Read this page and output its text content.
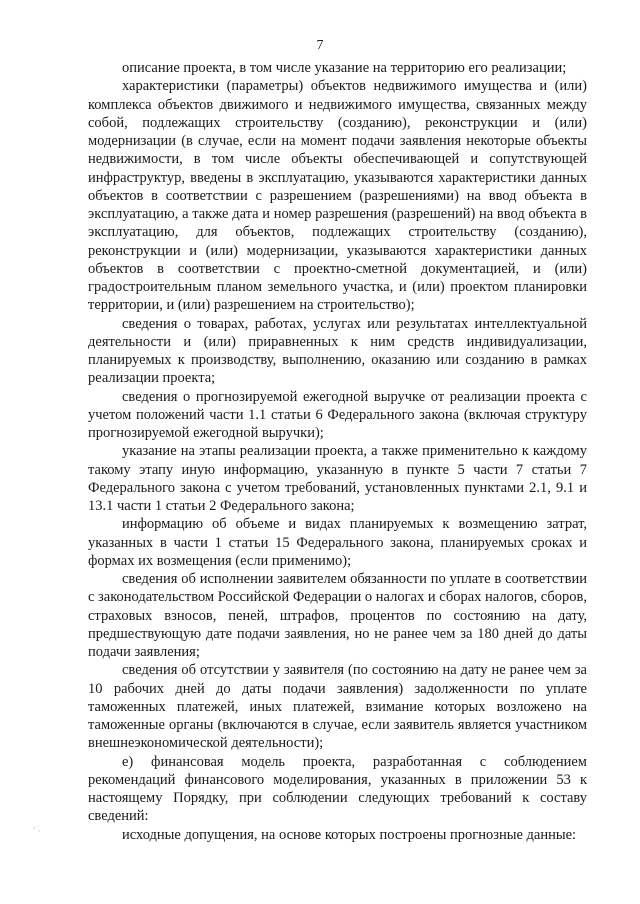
7

описание проекта, в том числе указание на территорию его реализации;

характеристики (параметры) объектов недвижимого имущества и (или) комплекса объектов движимого и недвижимого имущества, связанных между собой, подлежащих строительству (созданию), реконструкции и (или) модернизации (в случае, если на момент подачи заявления некоторые объекты недвижимости, в том числе объекты обеспечивающей и сопутствующей инфраструктур, введены в эксплуатацию, указываются характеристики данных объектов в соответствии с разрешением (разрешениями) на ввод объекта в эксплуатацию, а также дата и номер разрешения (разрешений) на ввод объекта в эксплуатацию, для объектов, подлежащих строительству (созданию), реконструкции и (или) модернизации, указываются характеристики данных объектов в соответствии с проектно-сметной документацией, и (или) градостроительным планом земельного участка, и (или) проектом планировки территории, и (или) разрешением на строительство);

сведения о товарах, работах, услугах или результатах интеллектуальной деятельности и (или) приравненных к ним средств индивидуализации, планируемых к производству, выполнению, оказанию или созданию в рамках реализации проекта;

сведения о прогнозируемой ежегодной выручке от реализации проекта с учетом положений части 1.1 статьи 6 Федерального закона (включая структуру прогнозируемой ежегодной выручки);

указание на этапы реализации проекта, а также применительно к каждому такому этапу иную информацию, указанную в пункте 5 части 7 статьи 7 Федерального закона с учетом требований, установленных пунктами 2.1, 9.1 и 13.1 части 1 статьи 2 Федерального закона;

информацию об объеме и видах планируемых к возмещению затрат, указанных в части 1 статьи 15 Федерального закона, планируемых сроках и формах их возмещения (если применимо);

сведения об исполнении заявителем обязанности по уплате в соответствии с законодательством Российской Федерации о налогах и сборах налогов, сборов, страховых взносов, пеней, штрафов, процентов по состоянию на дату, предшествующую дате подачи заявления, но не ранее чем за 180 дней до даты подачи заявления;

сведения об отсутствии у заявителя (по состоянию на дату не ранее чем за 10 рабочих дней до даты подачи заявления) задолженности по уплате таможенных платежей, иных платежей, взимание которых возложено на таможенные органы (включаются в случае, если заявитель является участником внешнеэкономической деятельности);

е) финансовая модель проекта, разработанная с соблюдением рекомендаций финансового моделирования, указанных в приложении 53 к настоящему Порядку, при соблюдении следующих требований к составу сведений:

исходные допущения, на основе которых построены прогнозные данные:
